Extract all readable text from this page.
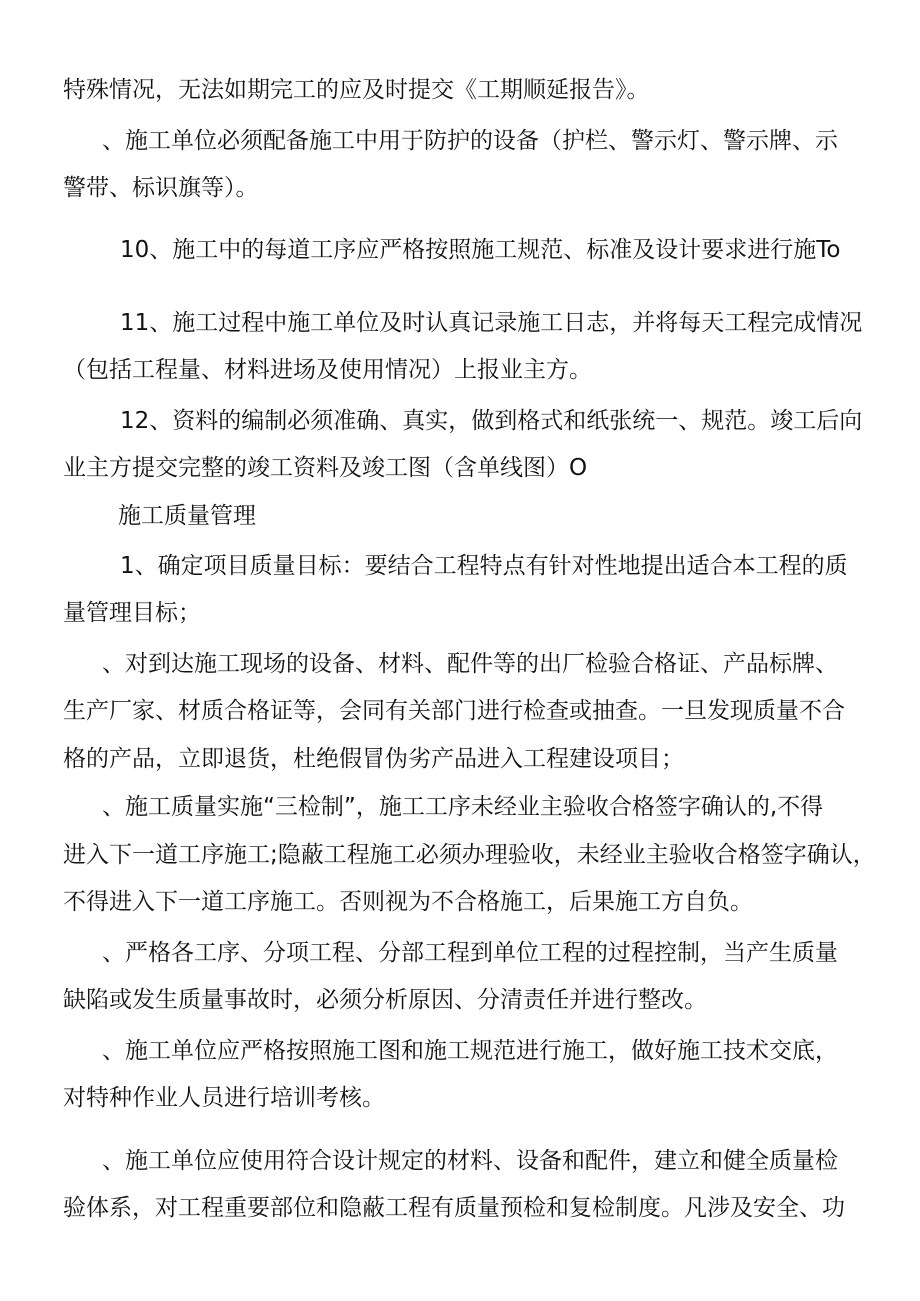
特殊情况，无法如期完工的应及时提交《工期顺延报告》。
、施工单位必须配备施工中用于防护的设备（护栏、警示灯、警示牌、示
警带、标识旗等）。
10、施工中的每道工序应严格按照施工规范、标准及设计要求进行施To
11、施工过程中施工单位及时认真记录施工日志，并将每天工程完成情况
（包括工程量、材料进场及使用情况）上报业主方。
12、资料的编制必须准确、真实，做到格式和纸张统一、规范。竣工后向
业主方提交完整的竣工资料及竣工图（含单线图）O
施工质量管理
1、确定项目质量目标：要结合工程特点有针对性地提出适合本工程的质
量管理目标；
、对到达施工现场的设备、材料、配件等的出厂检验合格证、产品标牌、
生产厂家、材质合格证等，会同有关部门进行检查或抽查。一旦发现质量不合
格的产品，立即退货，杜绝假冒伪劣产品进入工程建设项目；
、施工质量实施“三检制”，施工工序未经业主验收合格签字确认的,不得
进入下一道工序施工;隐蔽工程施工必须办理验收，未经业主验收合格签字确认，
不得进入下一道工序施工。否则视为不合格施工，后果施工方自负。
、严格各工序、分项工程、分部工程到单位工程的过程控制，当产生质量
缺陷或发生质量事故时，必须分析原因、分清责任并进行整改。
、施工单位应严格按照施工图和施工规范进行施工，做好施工技术交底，
对特种作业人员进行培训考核。
、施工单位应使用符合设计规定的材料、设备和配件，建立和健全质量检
验体系，对工程重要部位和隐蔽工程有质量预检和复检制度。凡涉及安全、功
